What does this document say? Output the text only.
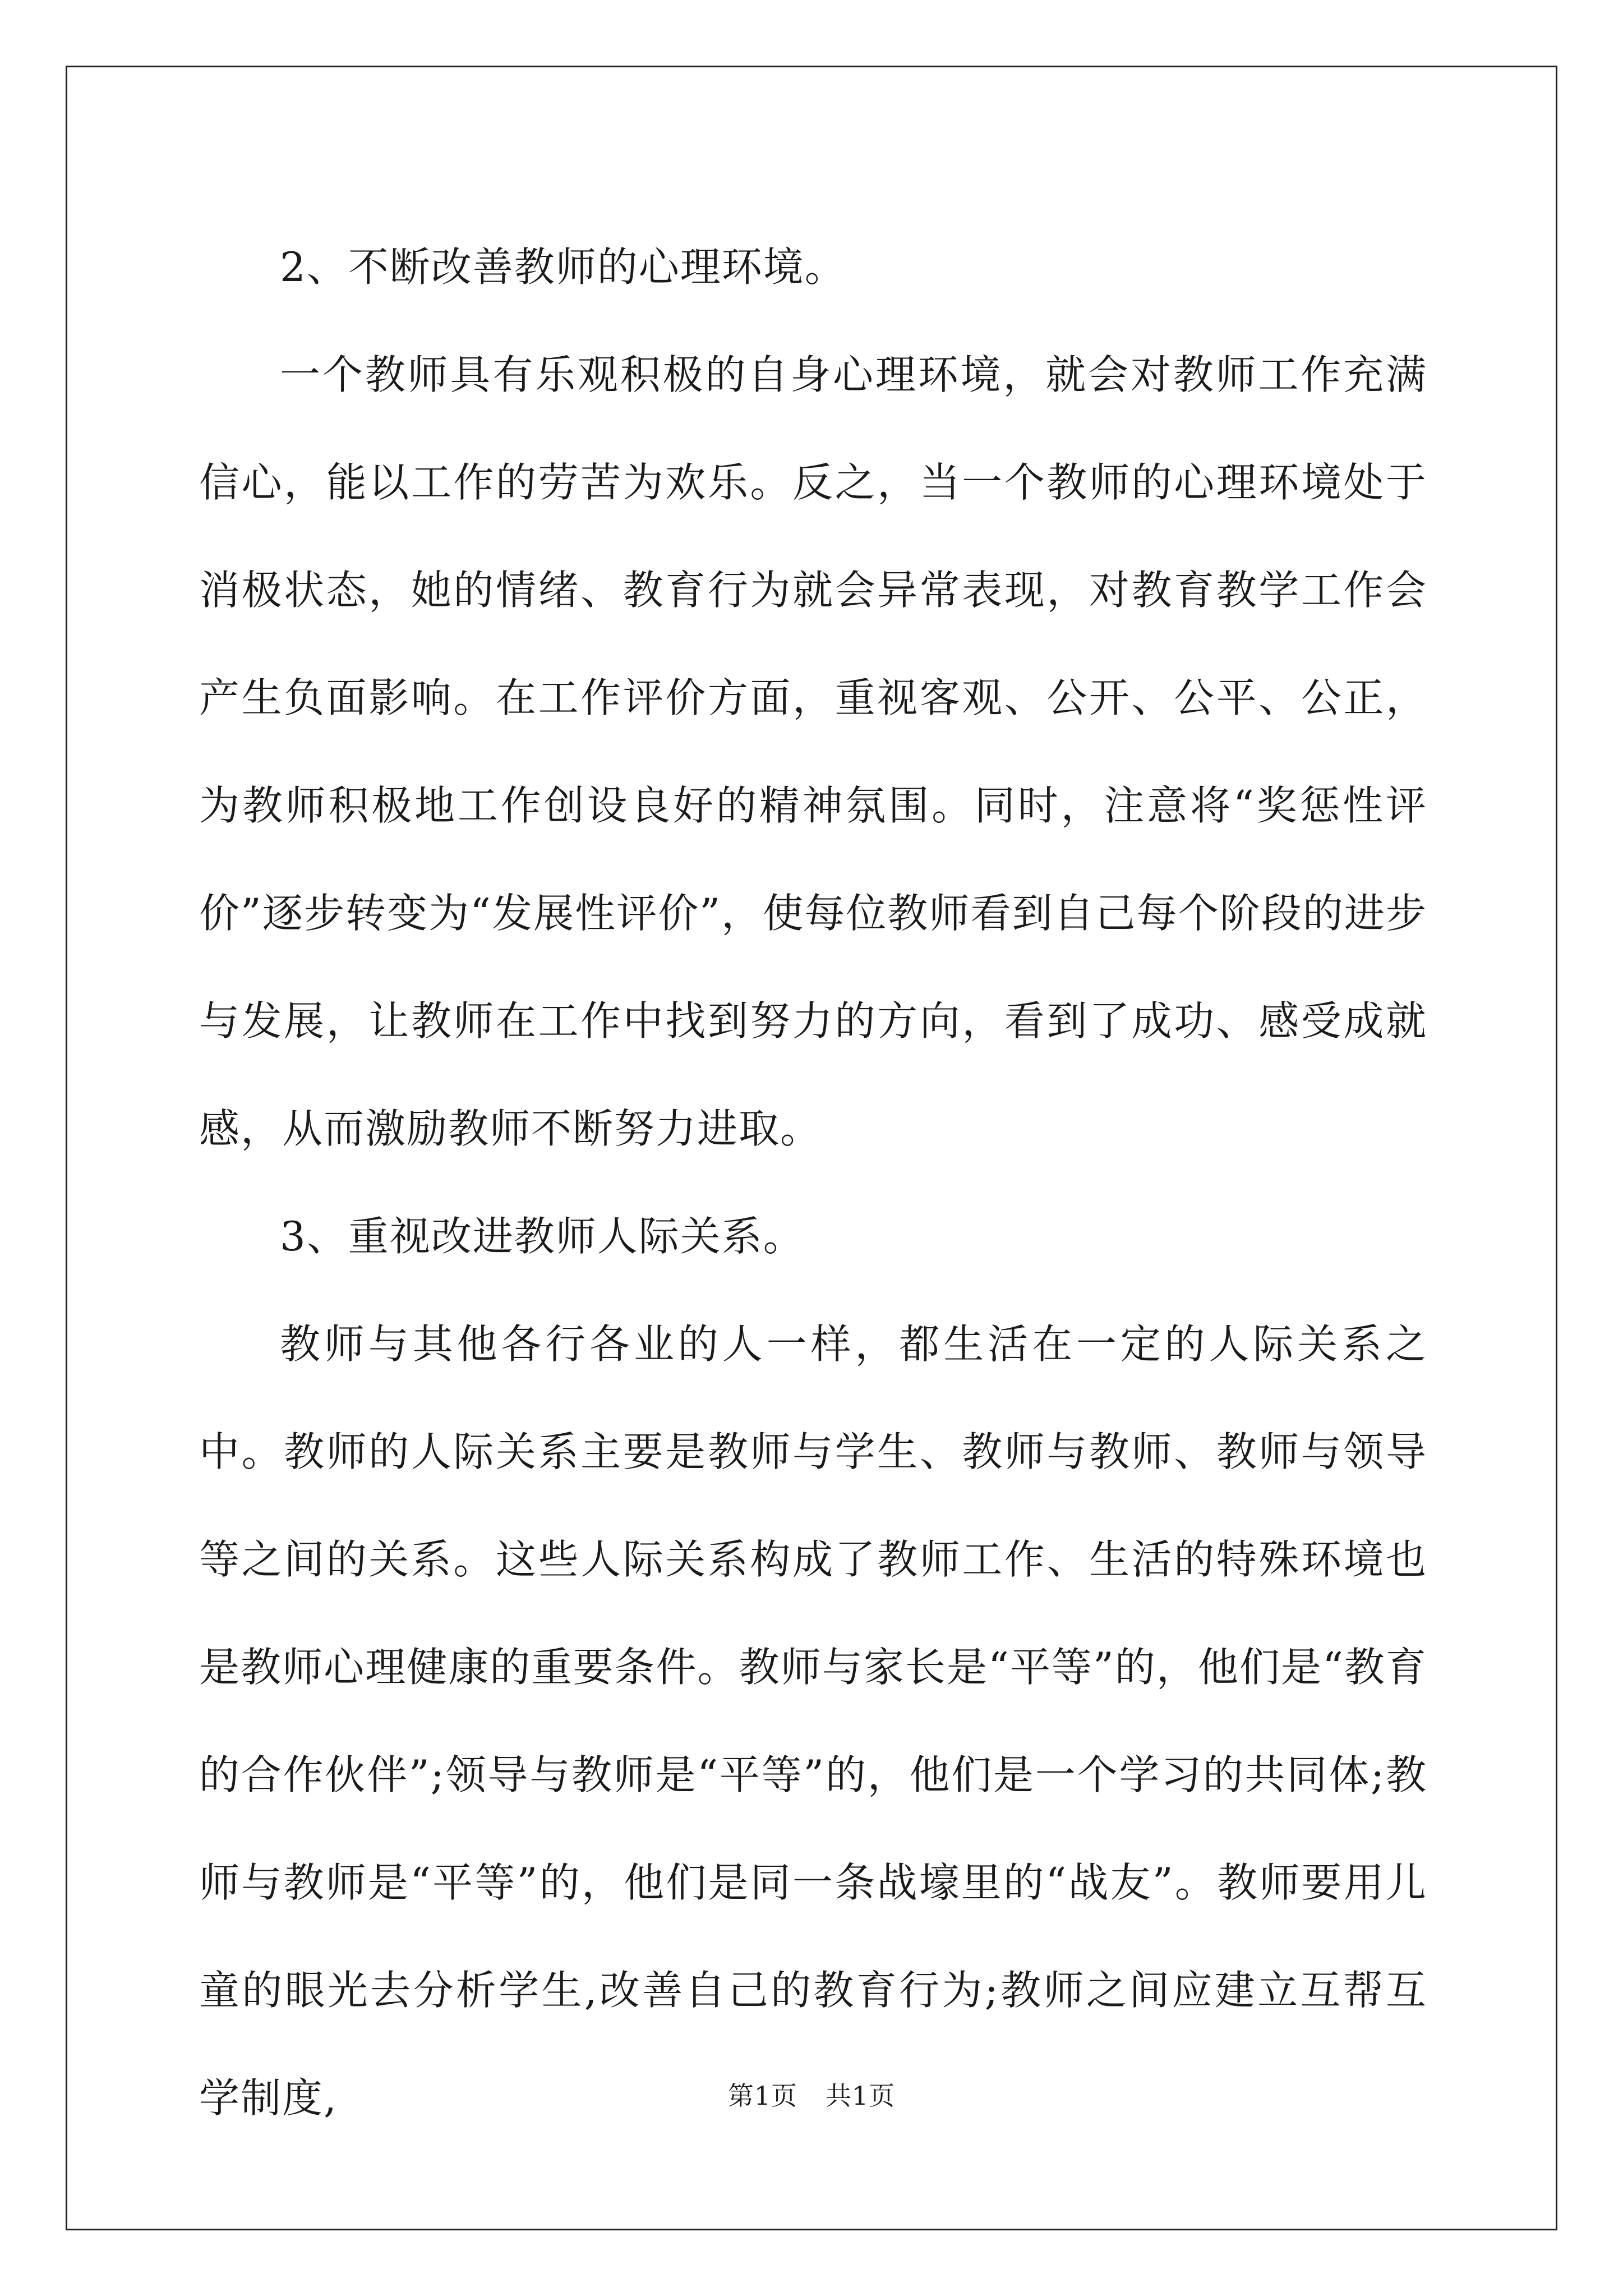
2、不断改善教师的心理环境。

一个教师具有乐观积极的自身心理环境，就会对教师工作充满信心，能以工作的劳苦为欢乐。反之，当一个教师的心理环境处于消极状态，她的情绪、教育行为就会异常表现，对教育教学工作会产生负面影响。在工作评价方面，重视客观、公开、公平、公正，为教师积极地工作创设良好的精神氛围。同时，注意将“奖惩性评价”逐步转变为“发展性评价”，使每位教师看到自己每个阶段的进步与发展，让教师在工作中找到努力的方向，看到了成功、感受成就感，从而激励教师不断努力进取。

3、重视改进教师人际关系。

教师与其他各行各业的人一样，都生活在一定的人际关系之中。教师的人际关系主要是教师与学生、教师与教师、教师与领导等之间的关系。这些人际关系构成了教师工作、生活的特殊环境也是教师心理健康的重要条件。教师与家长是“平等”的，他们是“教育的合作伙伴”;领导与教师是“平等”的，他们是一个学习的共同体;教师与教师是“平等”的，他们是同一条战壕里的“战友”。教师要用儿童的眼光去分析学生,改善自己的教育行为;教师之间应建立互帮互学制度,	第1页 共1页
